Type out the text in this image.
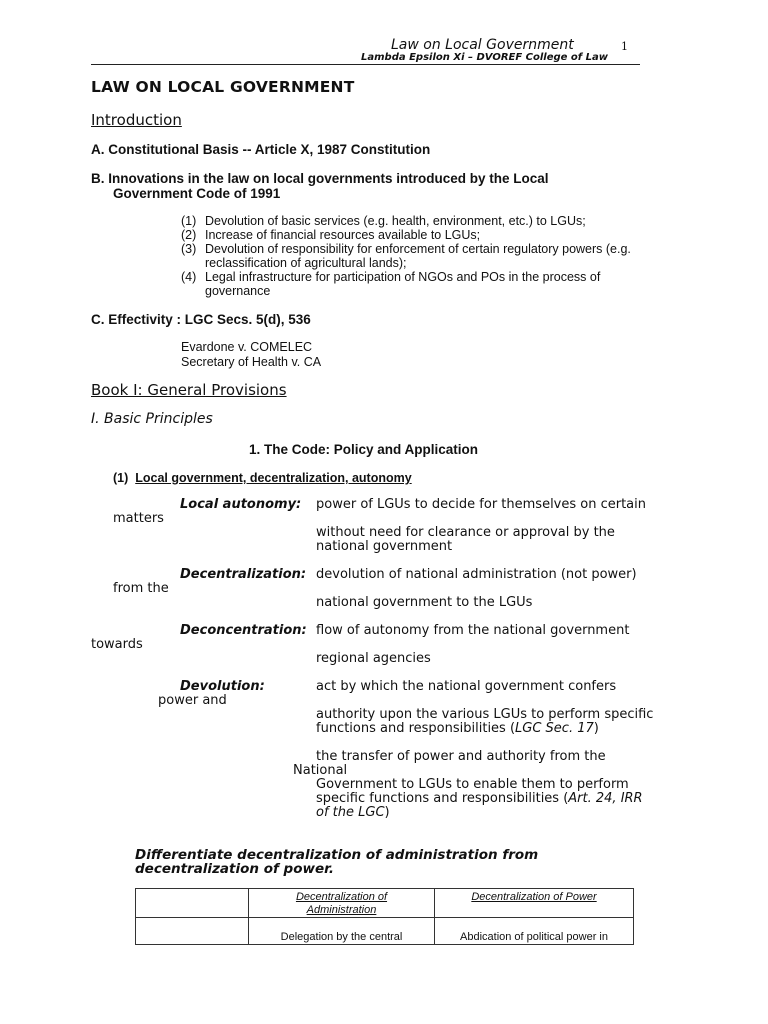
Law on Local Government	1
Lambda Epsilon Xi – DVOREF College of Law
LAW ON LOCAL GOVERNMENT
Introduction
A. Constitutional Basis -- Article X, 1987 Constitution
B. Innovations in the law on local governments introduced by the Local
Government Code of 1991
(1) Devolution of basic services (e.g. health, environment, etc.) to LGUs;
(2) Increase of financial resources available to LGUs;
(3) Devolution of responsibility for enforcement of certain regulatory powers (e.g.
reclassification of agricultural lands);
(4) Legal infrastructure for participation of NGOs and POs in the process of
governance
C. Effectivity : LGC Secs. 5(d), 536
Evardone v. COMELEC
Secretary of Health v. CA
Book I: General Provisions
I. Basic Principles
1. The Code: Policy and Application
(1) Local government, decentralization, autonomy
Local autonomy: power of LGUs to decide for themselves on certain
matters
without need for clearance or approval by the
national government
Decentralization: devolution of national administration (not power)
from the
national government to the LGUs
Deconcentration: flow of autonomy from the national government
towards
regional agencies
Devolution:	act by which the national government confers
power and
authority upon the various LGUs to perform specific
functions and responsibilities (LGC Sec. 17)
the transfer of power and authority from the
National
Government to LGUs to enable them to perform
specific functions and responsibilities (Art. 24, IRR
of the LGC)
Differentiate decentralization of administration from
decentralization of power.

	Decentralization of
Administration	Decentralization of Power
	Delegation by the central	Abdication of political power in
